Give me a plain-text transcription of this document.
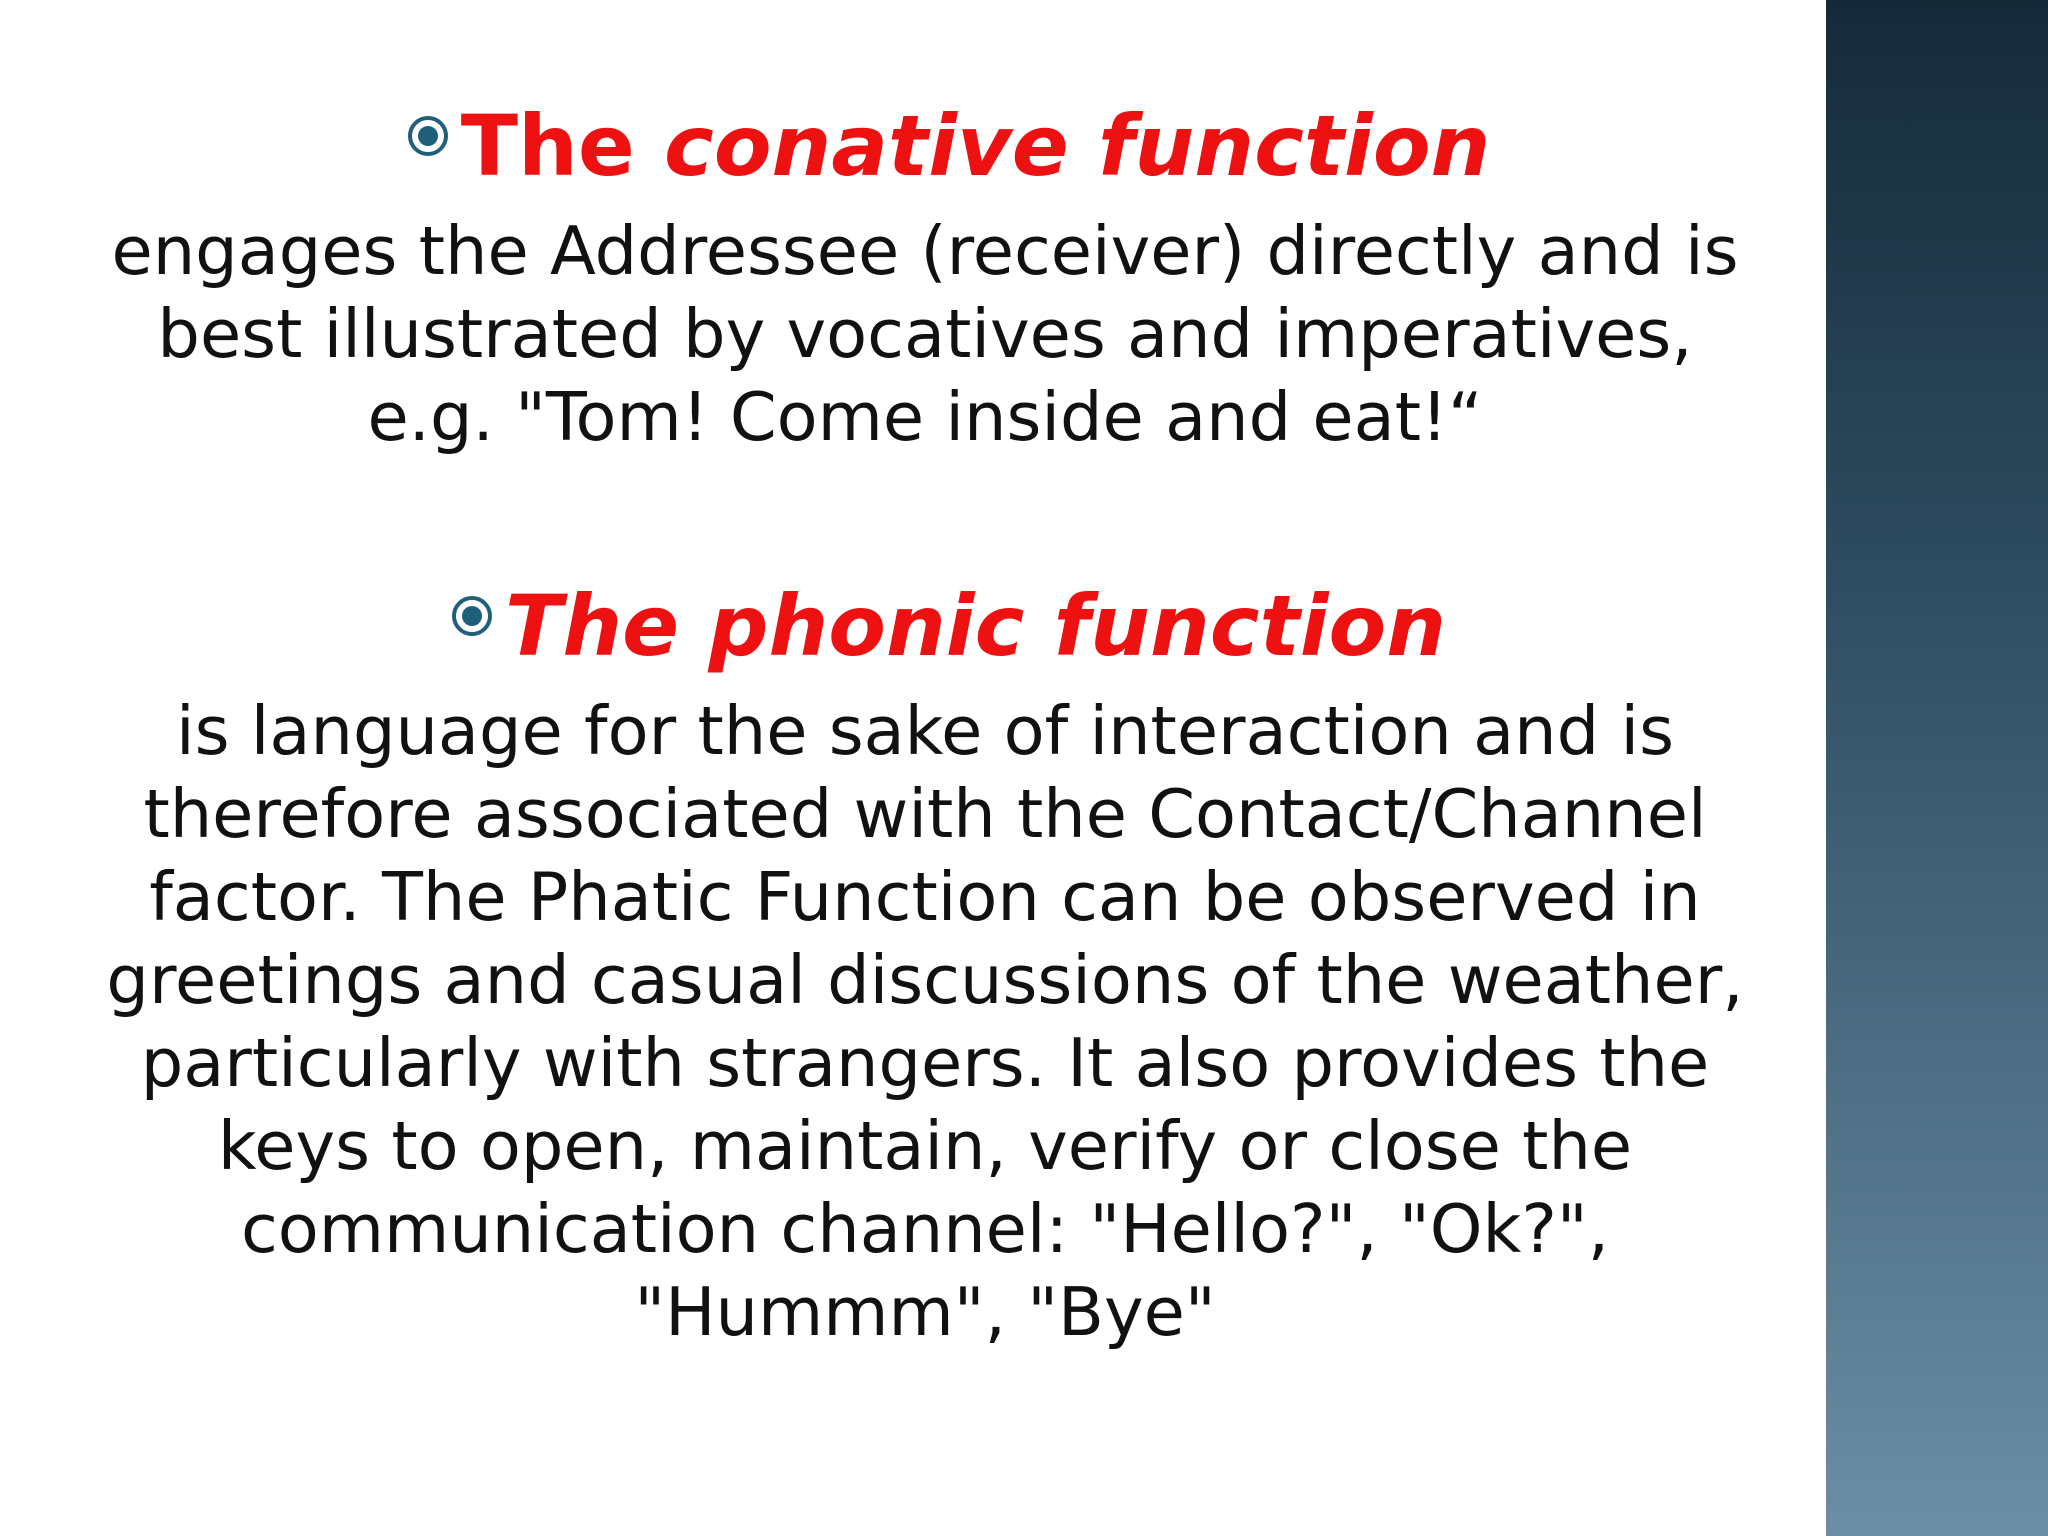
The conative function

engages the Addressee (receiver) directly and is
best illustrated by vocatives and imperatives,
e.g. "Tom! Come inside and eat!“

The phonic function

is language for the sake of interaction and is
therefore associated with the Contact/Channel
factor. The Phatic Function can be observed in
greetings and casual discussions of the weather,
particularly with strangers. It also provides the
keys to open, maintain, verify or close the
communication channel: "Hello?", "Ok?",
"Hummm", "Bye"
